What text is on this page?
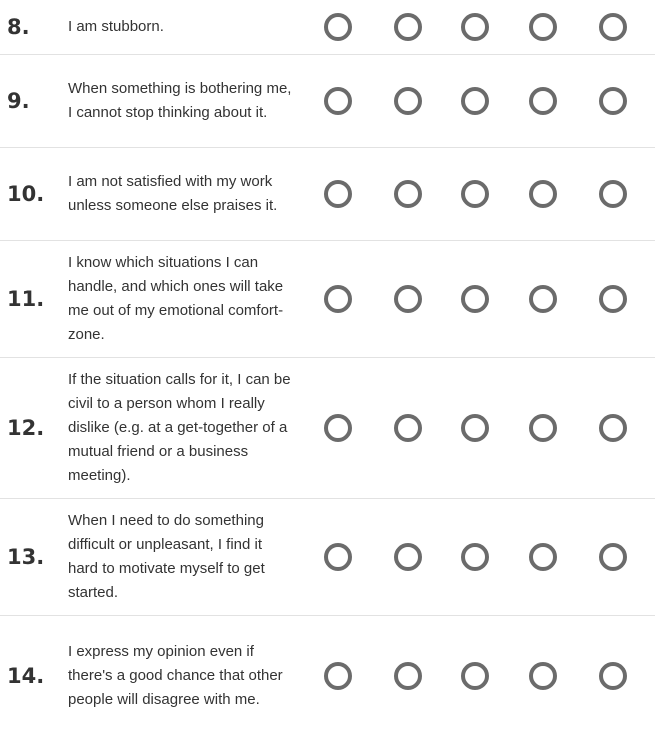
8.	I am stubborn.
9.
When something is bothering me, I cannot stop thinking about it.
10.
I am not satisfied with my work unless someone else praises it.
11.
I know which situations I can handle, and which ones will take me out of my emotional comfort-zone.
12.
If the situation calls for it, I can be civil to a person whom I really dislike (e.g. at a get-together of a mutual friend or a business meeting).
13.
When I need to do something difficult or unpleasant, I find it hard to motivate myself to get started.
14.
I express my opinion even if there's a good chance that other people will disagree with me.
